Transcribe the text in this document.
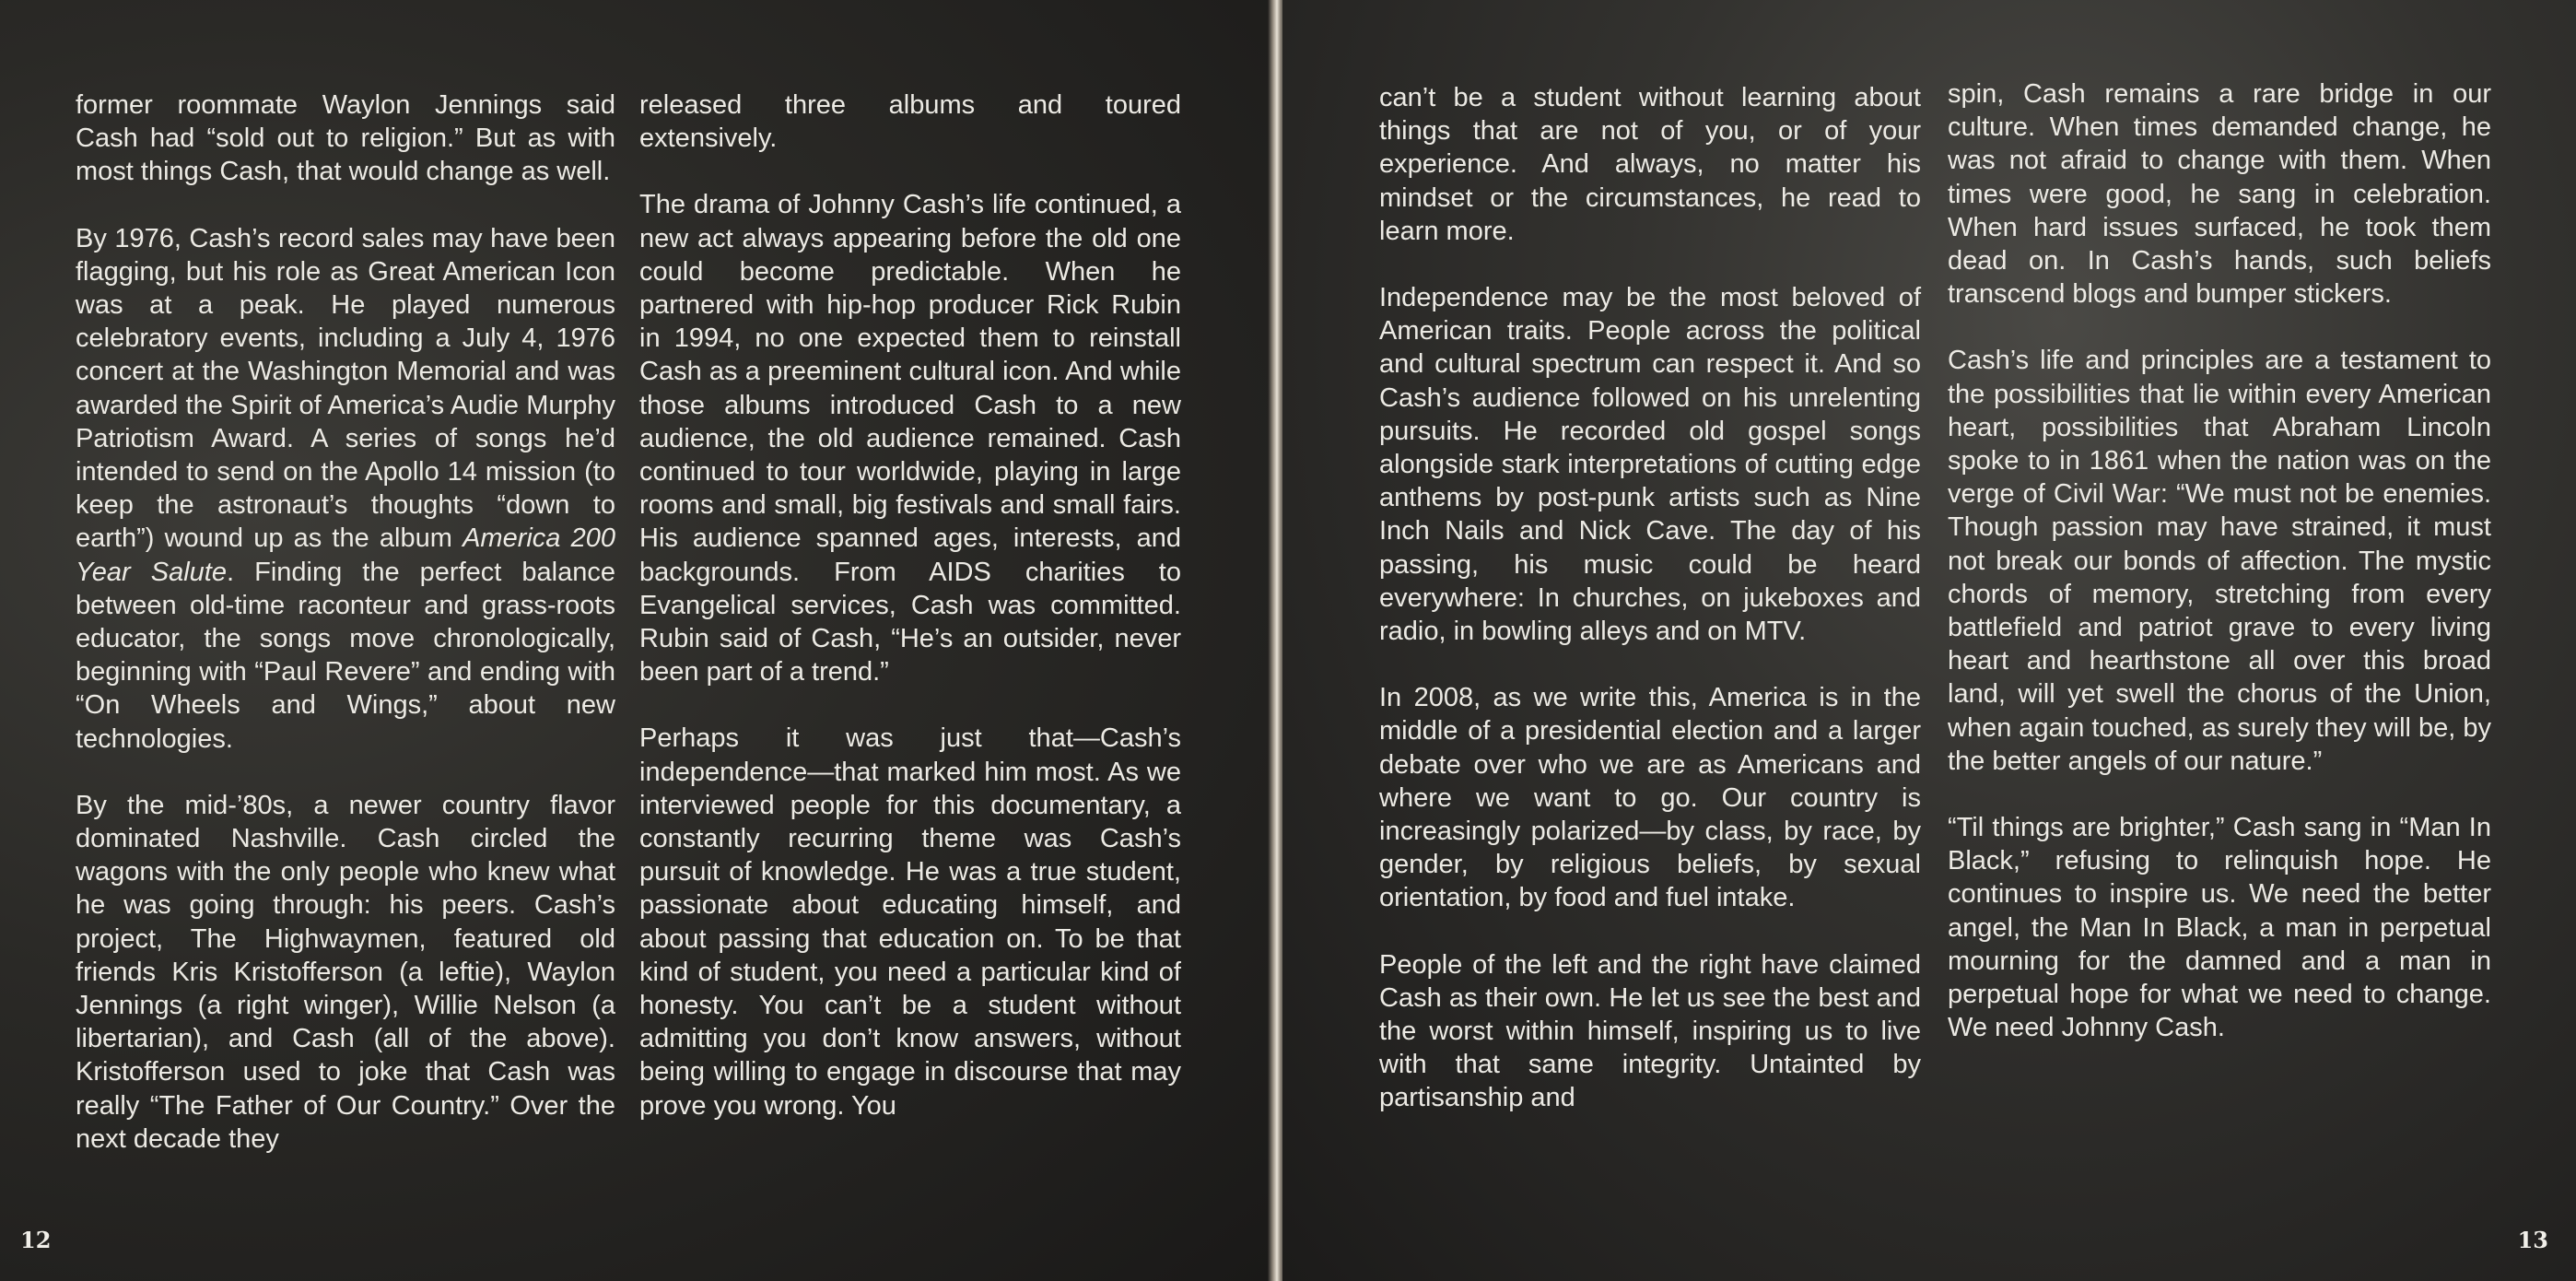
former roommate Waylon Jennings said Cash had “sold out to religion.” But as with most things Cash, that would change as well.

By 1976, Cash’s record sales may have been flagging, but his role as Great American Icon was at a peak. He played numerous celebratory events, including a July 4, 1976 concert at the Washington Memorial and was awarded the Spirit of America’s Audie Murphy Patriotism Award. A series of songs he’d intended to send on the Apollo 14 mission (to keep the astronaut’s thoughts “down to earth”) wound up as the album America 200 Year Salute. Finding the perfect balance between old-time raconteur and grass-roots educator, the songs move chronologically, beginning with “Paul Revere” and ending with “On Wheels and Wings,” about new technologies.

By the mid-’80s, a newer country flavor dominated Nashville. Cash circled the wagons with the only people who knew what he was going through: his peers. Cash’s project, The Highwaymen, featured old friends Kris Kristofferson (a leftie), Waylon Jennings (a right winger), Willie Nelson (a libertarian), and Cash (all of the above). Kristofferson used to joke that Cash was really “The Father of Our Country.” Over the next decade they

released three albums and toured extensively.

The drama of Johnny Cash’s life continued, a new act always appearing before the old one could become predictable. When he partnered with hip-hop producer Rick Rubin in 1994, no one expected them to reinstall Cash as a preeminent cultural icon. And while those albums introduced Cash to a new audience, the old audience remained. Cash continued to tour worldwide, playing in large rooms and small, big festivals and small fairs. His audience spanned ages, interests, and backgrounds. From AIDS charities to Evangelical services, Cash was committed. Rubin said of Cash, “He’s an outsider, never been part of a trend.”

Perhaps it was just that—Cash’s independence—that marked him most. As we interviewed people for this documentary, a constantly recurring theme was Cash’s pursuit of knowledge. He was a true student, passionate about educating himself, and about passing that education on. To be that kind of student, you need a particular kind of honesty. You can’t be a student without admitting you don’t know answers, without being willing to engage in discourse that may prove you wrong. You

12

can’t be a student without learning about things that are not of you, or of your experience. And always, no matter his mindset or the circumstances, he read to learn more.

Independence may be the most beloved of American traits. People across the political and cultural spectrum can respect it. And so Cash’s audience followed on his unrelenting pursuits. He recorded old gospel songs alongside stark interpretations of cutting edge anthems by post-punk artists such as Nine Inch Nails and Nick Cave. The day of his passing, his music could be heard everywhere: In churches, on jukeboxes and radio, in bowling alleys and on MTV.

In 2008, as we write this, America is in the middle of a presidential election and a larger debate over who we are as Americans and where we want to go. Our country is increasingly polarized—by class, by race, by gender, by religious beliefs, by sexual orientation, by food and fuel intake.

People of the left and the right have claimed Cash as their own. He let us see the best and the worst within himself, inspiring us to live with that same integrity. Untainted by partisanship and

spin, Cash remains a rare bridge in our culture. When times demanded change, he was not afraid to change with them. When times were good, he sang in celebration. When hard issues surfaced, he took them dead on. In Cash’s hands, such beliefs transcend blogs and bumper stickers.

Cash’s life and principles are a testament to the possibilities that lie within every American heart, possibilities that Abraham Lincoln spoke to in 1861 when the nation was on the verge of Civil War: “We must not be enemies. Though passion may have strained, it must not break our bonds of affection. The mystic chords of memory, stretching from every battlefield and patriot grave to every living heart and hearthstone all over this broad land, will yet swell the chorus of the Union, when again touched, as surely they will be, by the better angels of our nature.”

“Til things are brighter,” Cash sang in “Man In Black,” refusing to relinquish hope. He continues to inspire us. We need the better angel, the Man In Black, a man in perpetual mourning for the damned and a man in perpetual hope for what we need to change. We need Johnny Cash.

13
